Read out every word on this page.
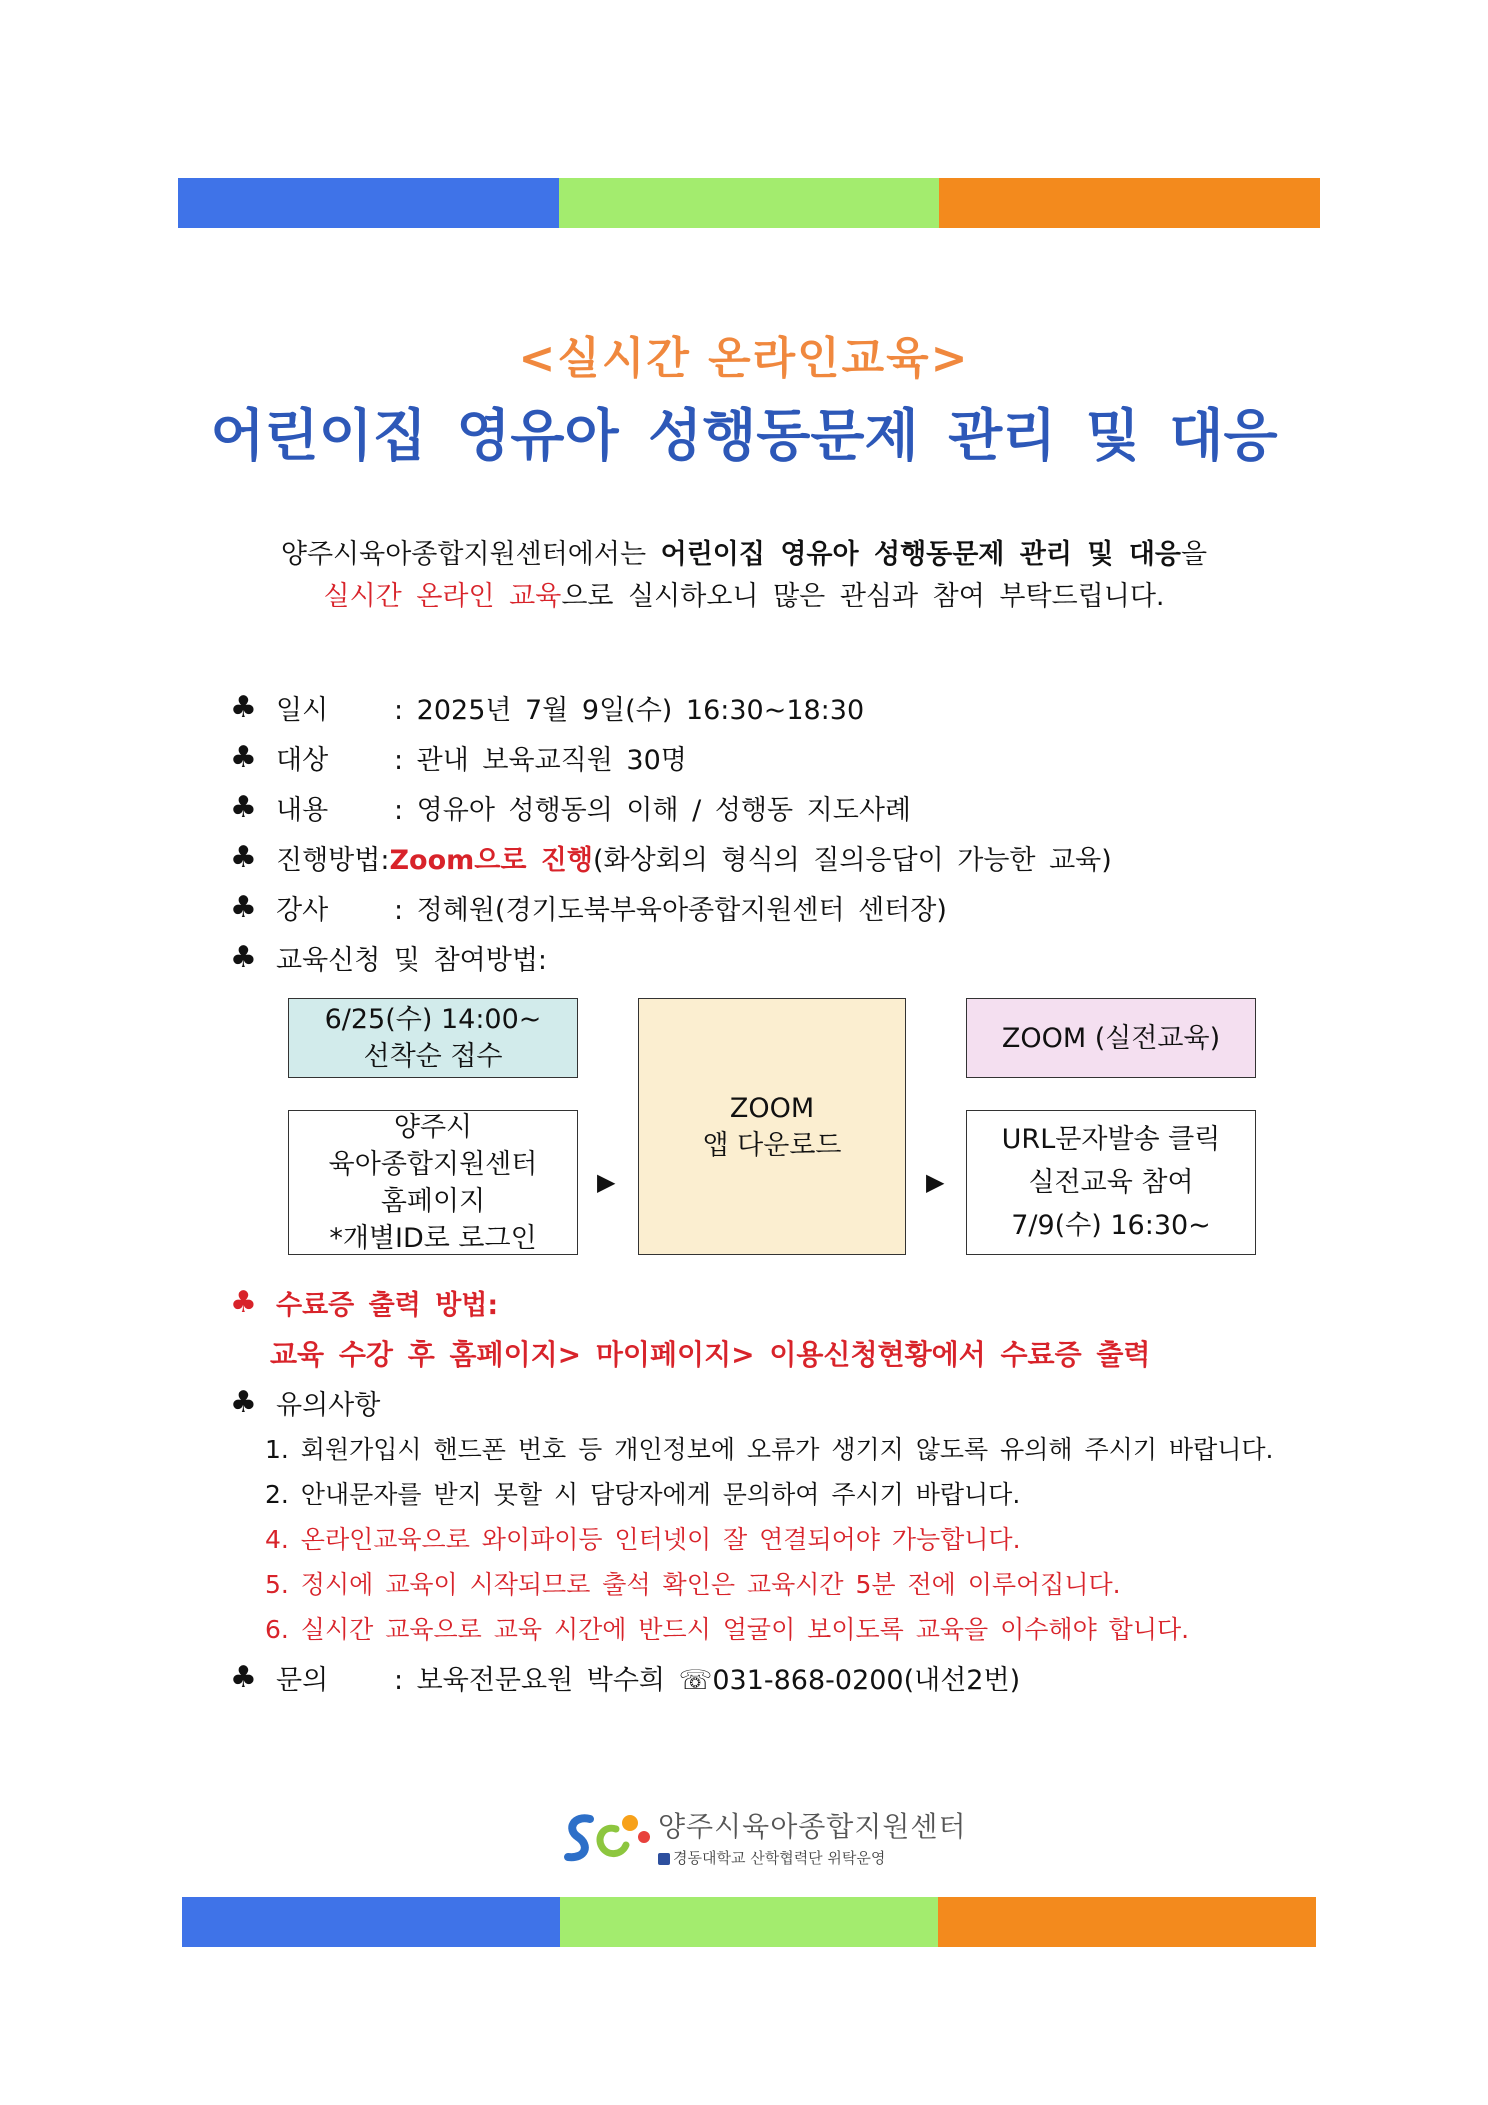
<실시간 온라인교육>
어린이집 영유아 성행동문제 관리 및 대응
양주시육아종합지원센터에서는 어린이집 영유아 성행동문제 관리 및 대응을
실시간 온라인 교육으로 실시하오니 많은 관심과 참여 부탁드립니다.
♣ 일시	: 2025년 7월 9일(수) 16:30~18:30
♣ 대상	: 관내 보육교직원 30명
♣ 내용	: 영유아 성행동의 이해 / 성행동 지도사례
♣ 진행방법: Zoom으로 진행 (화상회의 형식의 질의응답이 가능한 교육)
♣ 강사	: 정혜원(경기도북부육아종합지원센터 센터장)
♣ 교육신청 및 참여방법:
6/25(수) 14:00~
선착순 접수
양주시
육아종합지원센터
홈페이지
*개별ID로 로그인
▶
ZOOM
앱 다운로드
▶
ZOOM (실전교육)
URL문자발송 클릭
실전교육 참여
7/9(수) 16:30~
♣ 수료증 출력 방법:
교육 수강 후 홈페이지> 마이페이지> 이용신청현황에서 수료증 출력
♣ 유의사항
1. 회원가입시 핸드폰 번호 등 개인정보에 오류가 생기지 않도록 유의해 주시기 바랍니다.
2. 안내문자를 받지 못할 시 담당자에게 문의하여 주시기 바랍니다.
4. 온라인교육으로 와이파이등 인터넷이 잘 연결되어야 가능합니다.
5. 정시에 교육이 시작되므로 출석 확인은 교육시간 5분 전에 이루어집니다.
6. 실시간 교육으로 교육 시간에 반드시 얼굴이 보이도록 교육을 이수해야 합니다.
♣ 문의	: 보육전문요원 박수희 ☏031-868-0200(내선2번)
양주시육아종합지원센터
경동대학교 산학협력단 위탁운영
